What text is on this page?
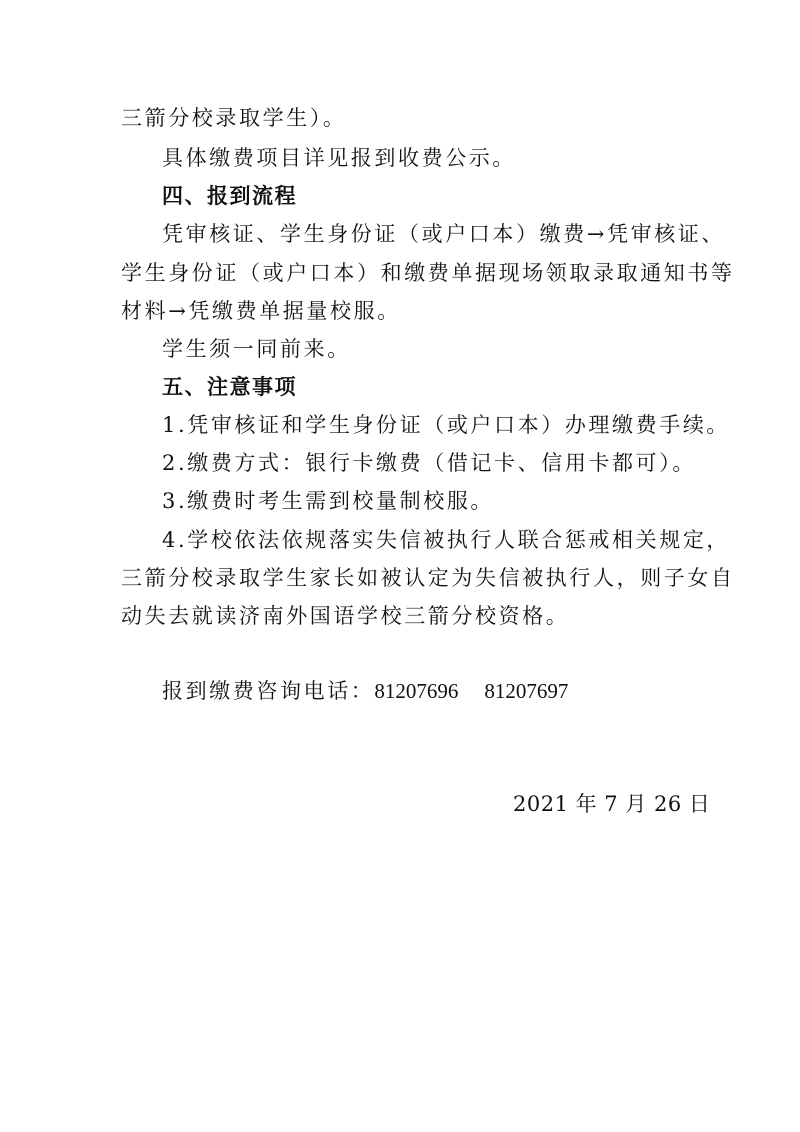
三箭分校录取学生）。
具体缴费项目详见报到收费公示。
四、报到流程
凭审核证、学生身份证（或户口本）缴费→凭审核证、
学生身份证（或户口本）和缴费单据现场领取录取通知书等
材料→凭缴费单据量校服。
学生须一同前来。
五、注意事项
1.凭审核证和学生身份证（或户口本）办理缴费手续。
2.缴费方式：银行卡缴费（借记卡、信用卡都可）。
3.缴费时考生需到校量制校服。
4.学校依法依规落实失信被执行人联合惩戒相关规定，
三箭分校录取学生家长如被认定为失信被执行人，则子女自
动失去就读济南外国语学校三箭分校资格。
报到缴费咨询电话：81207696 81207697
2021 年 7 月 26 日
